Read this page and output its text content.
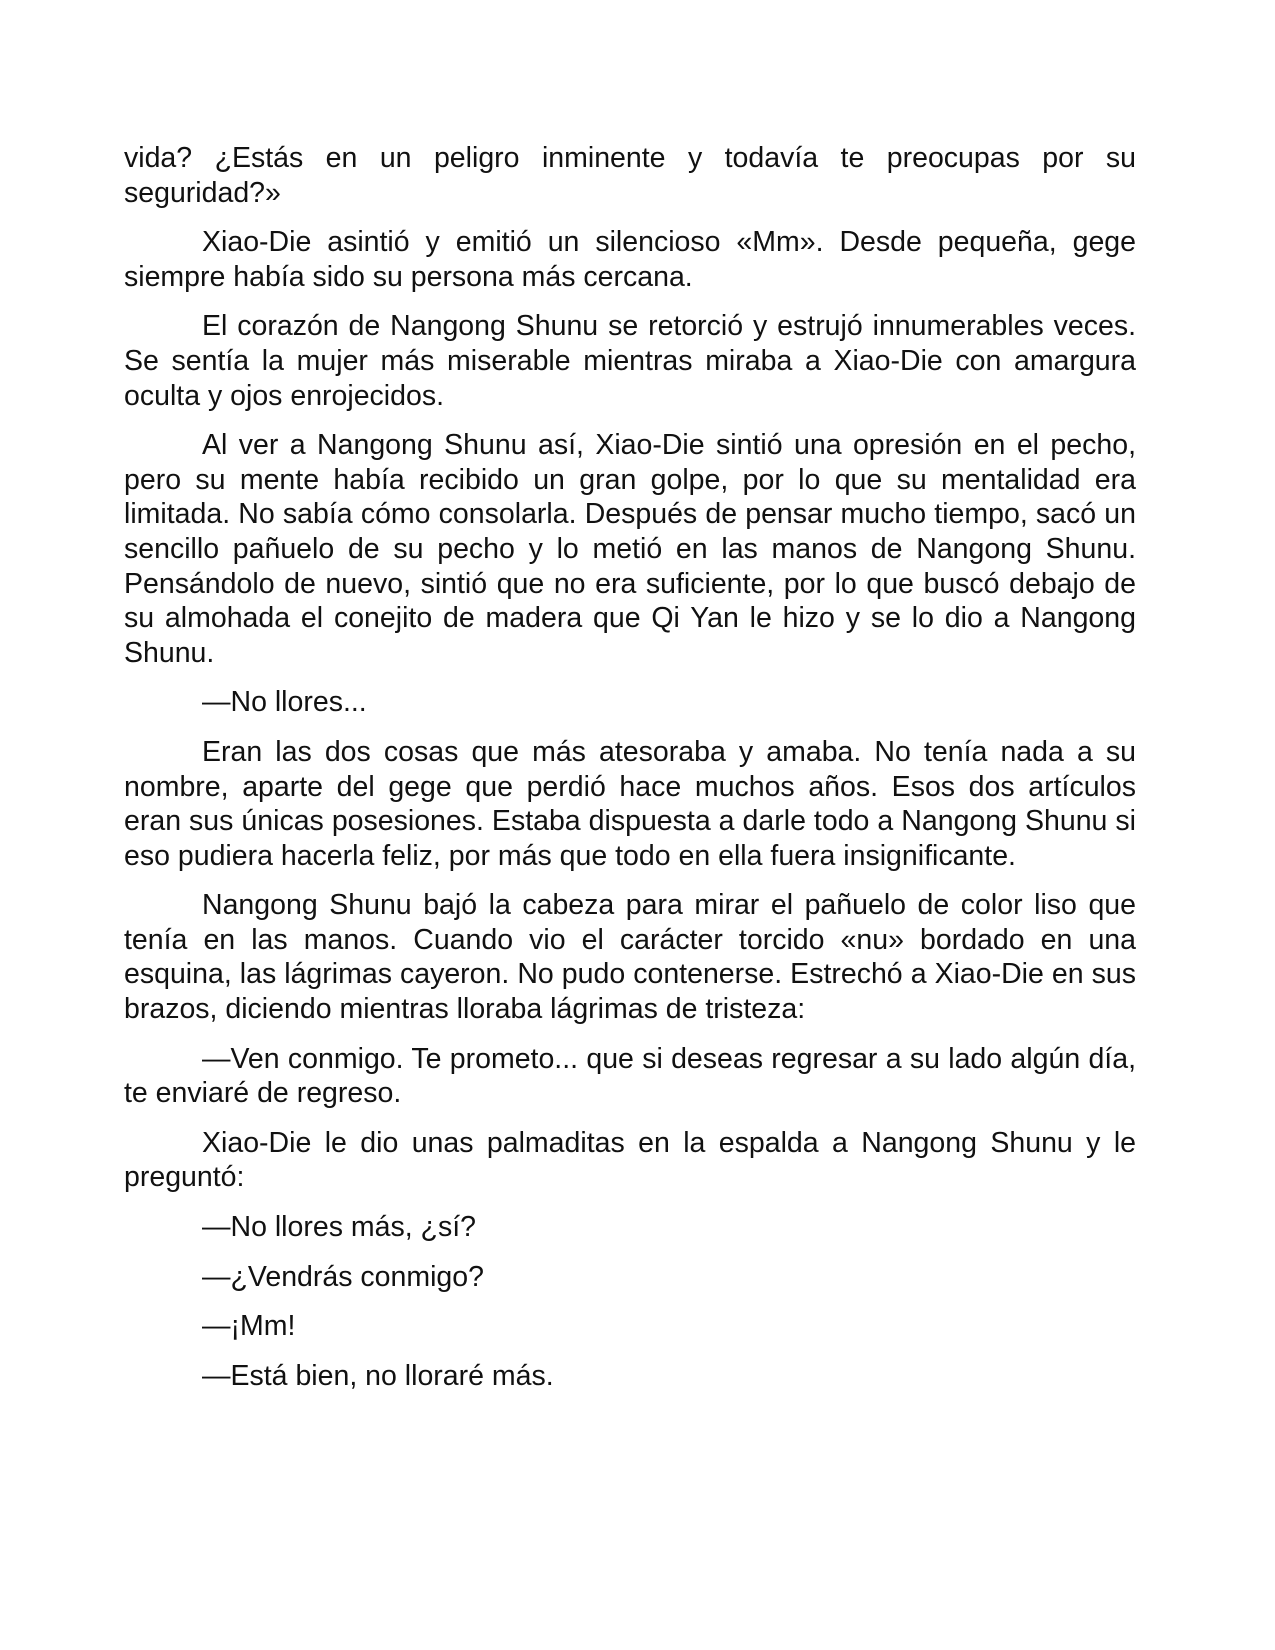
vida? ¿Estás en un peligro inminente y todavía te preocupas por su seguridad?»

Xiao-Die asintió y emitió un silencioso «Mm». Desde pequeña, gege siempre había sido su persona más cercana.

El corazón de Nangong Shunu se retorció y estrujó innumerables veces. Se sentía la mujer más miserable mientras miraba a Xiao-Die con amargura oculta y ojos enrojecidos.

Al ver a Nangong Shunu así, Xiao-Die sintió una opresión en el pecho, pero su mente había recibido un gran golpe, por lo que su mentalidad era limitada. No sabía cómo consolarla. Después de pensar mucho tiempo, sacó un sencillo pañuelo de su pecho y lo metió en las manos de Nangong Shunu. Pensándolo de nuevo, sintió que no era suficiente, por lo que buscó debajo de su almohada el conejito de madera que Qi Yan le hizo y se lo dio a Nangong Shunu.

—No llores...

Eran las dos cosas que más atesoraba y amaba. No tenía nada a su nombre, aparte del gege que perdió hace muchos años. Esos dos artículos eran sus únicas posesiones. Estaba dispuesta a darle todo a Nangong Shunu si eso pudiera hacerla feliz, por más que todo en ella fuera insignificante.

Nangong Shunu bajó la cabeza para mirar el pañuelo de color liso que tenía en las manos. Cuando vio el carácter torcido «nu» bordado en una esquina, las lágrimas cayeron. No pudo contenerse. Estrechó a Xiao-Die en sus brazos, diciendo mientras lloraba lágrimas de tristeza:

—Ven conmigo. Te prometo... que si deseas regresar a su lado algún día, te enviaré de regreso.

Xiao-Die le dio unas palmaditas en la espalda a Nangong Shunu y le preguntó:

—No llores más, ¿sí?

—¿Vendrás conmigo?

—¡Mm!

—Está bien, no lloraré más.
